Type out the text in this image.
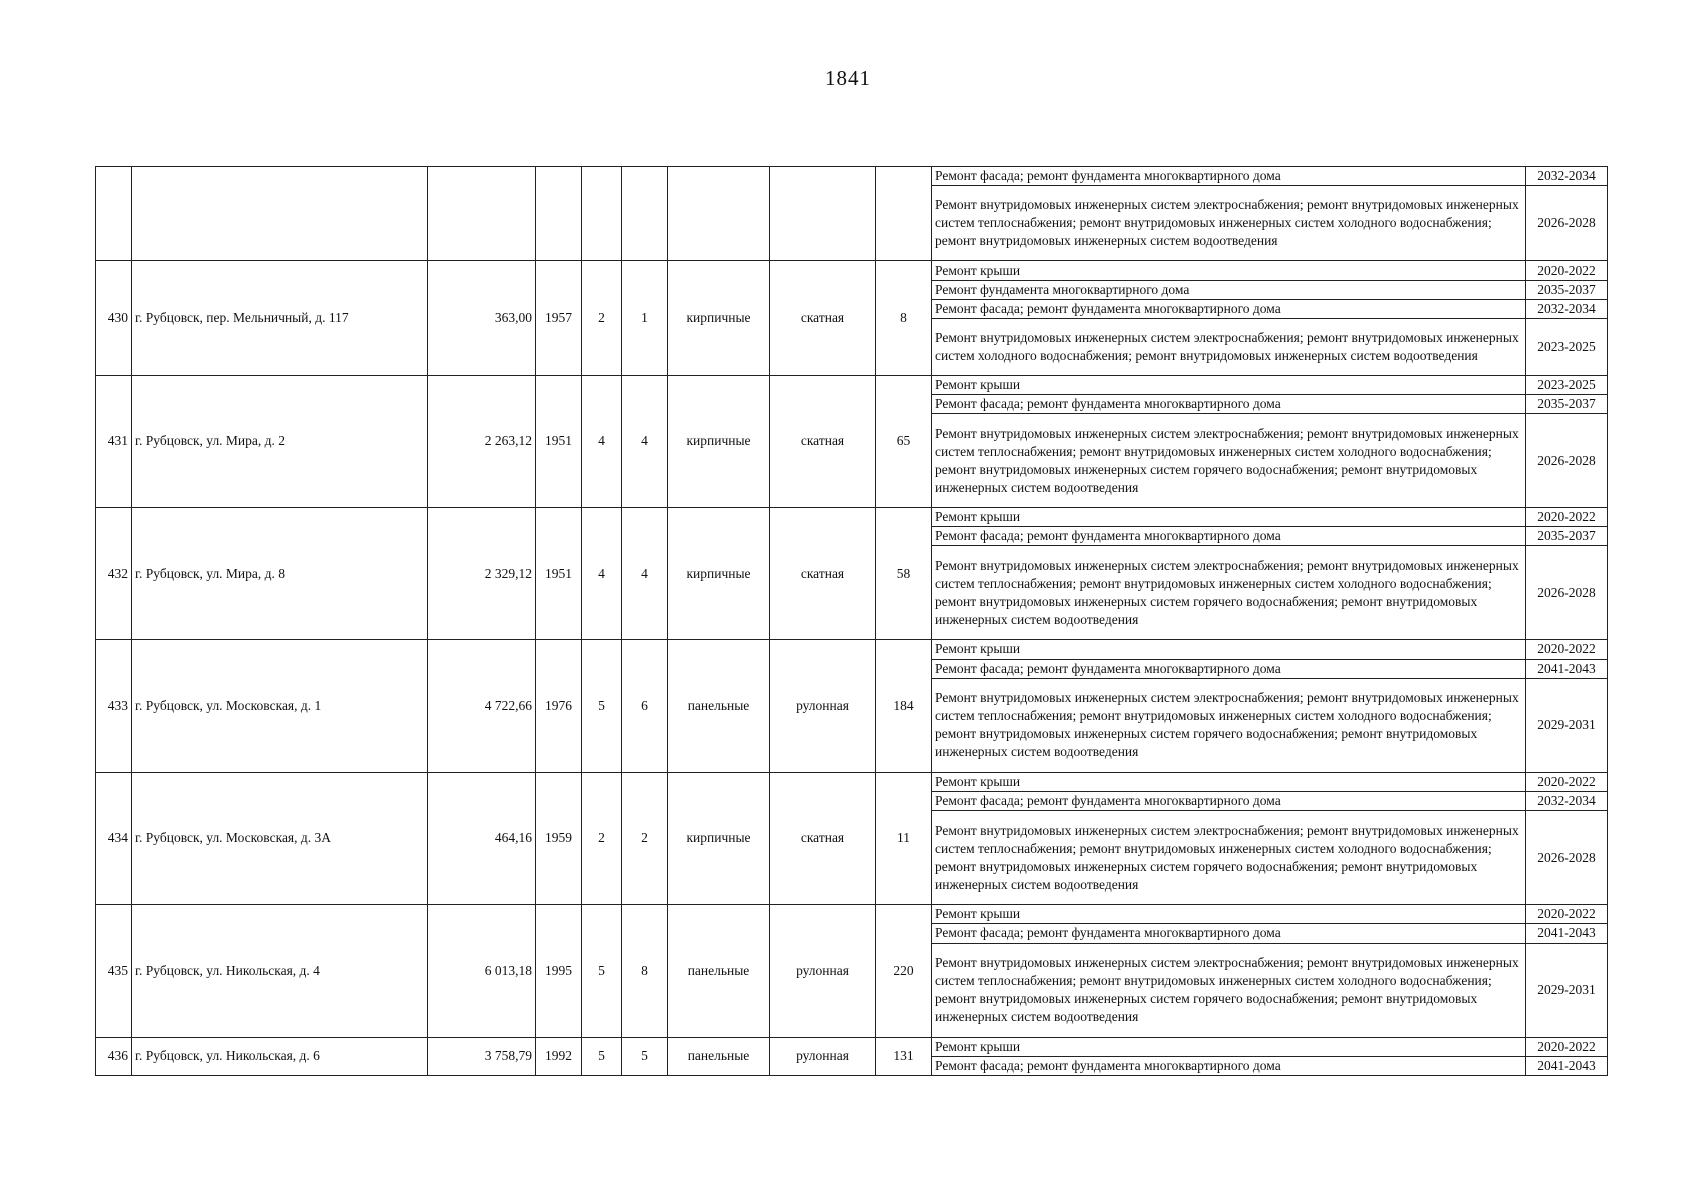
1841
									Ремонт фасада; ремонт фундамента многоквартирного дома	2032-2034
									Ремонт внутридомовых инженерных систем электроснабжения; ремонт внутридомовых инженерных систем теплоснабжения; ремонт внутридомовых инженерных систем холодного водоснабжения; ремонт внутридомовых инженерных систем водоотведения	2026-2028
430	г. Рубцовск, пер. Мельничный, д. 117	363,00	1957	2	1	кирпичные	скатная	8	Ремонт крыши	2020-2022
									Ремонт фундамента многоквартирного дома	2035-2037
									Ремонт фасада; ремонт фундамента многоквартирного дома	2032-2034
									Ремонт внутридомовых инженерных систем электроснабжения; ремонт внутридомовых инженерных систем холодного водоснабжения; ремонт внутридомовых инженерных систем водоотведения	2023-2025
431	г. Рубцовск, ул. Мира, д. 2	2 263,12	1951	4	4	кирпичные	скатная	65	Ремонт крыши	2023-2025
									Ремонт фасада; ремонт фундамента многоквартирного дома	2035-2037
									Ремонт внутридомовых инженерных систем электроснабжения; ремонт внутридомовых инженерных систем теплоснабжения; ремонт внутридомовых инженерных систем холодного водоснабжения; ремонт внутридомовых инженерных систем горячего водоснабжения; ремонт внутридомовых инженерных систем водоотведения	2026-2028
432	г. Рубцовск, ул. Мира, д. 8	2 329,12	1951	4	4	кирпичные	скатная	58	Ремонт крыши	2020-2022
									Ремонт фасада; ремонт фундамента многоквартирного дома	2035-2037
									Ремонт внутридомовых инженерных систем электроснабжения; ремонт внутридомовых инженерных систем теплоснабжения; ремонт внутридомовых инженерных систем холодного водоснабжения; ремонт внутридомовых инженерных систем горячего водоснабжения; ремонт внутридомовых инженерных систем водоотведения	2026-2028
433	г. Рубцовск, ул. Московская, д. 1	4 722,66	1976	5	6	панельные	рулонная	184	Ремонт крыши	2020-2022
									Ремонт фасада; ремонт фундамента многоквартирного дома	2041-2043
									Ремонт внутридомовых инженерных систем электроснабжения; ремонт внутридомовых инженерных систем теплоснабжения; ремонт внутридомовых инженерных систем холодного водоснабжения; ремонт внутридомовых инженерных систем горячего водоснабжения; ремонт внутридомовых инженерных систем водоотведения	2029-2031
434	г. Рубцовск, ул. Московская, д. 3А	464,16	1959	2	2	кирпичные	скатная	11	Ремонт крыши	2020-2022
									Ремонт фасада; ремонт фундамента многоквартирного дома	2032-2034
									Ремонт внутридомовых инженерных систем электроснабжения; ремонт внутридомовых инженерных систем теплоснабжения; ремонт внутридомовых инженерных систем холодного водоснабжения; ремонт внутридомовых инженерных систем горячего водоснабжения; ремонт внутридомовых инженерных систем водоотведения	2026-2028
435	г. Рубцовск, ул. Никольская, д. 4	6 013,18	1995	5	8	панельные	рулонная	220	Ремонт крыши	2020-2022
									Ремонт фасада; ремонт фундамента многоквартирного дома	2041-2043
									Ремонт внутридомовых инженерных систем электроснабжения; ремонт внутридомовых инженерных систем теплоснабжения; ремонт внутридомовых инженерных систем холодного водоснабжения; ремонт внутридомовых инженерных систем горячего водоснабжения; ремонт внутридомовых инженерных систем водоотведения	2029-2031
436	г. Рубцовск, ул. Никольская, д. 6	3 758,79	1992	5	5	панельные	рулонная	131	Ремонт крыши	2020-2022
									Ремонт фасада; ремонт фундамента многоквартирного дома	2041-2043
